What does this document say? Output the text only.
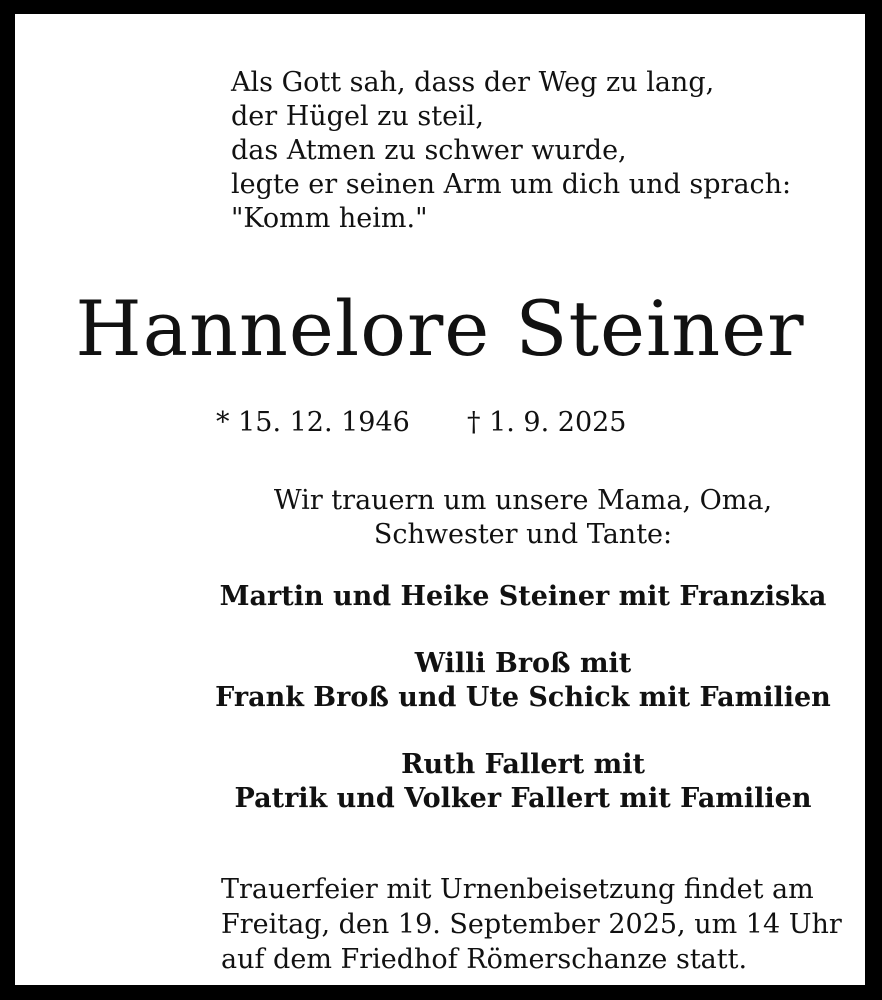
Als Gott sah, dass der Weg zu lang,
der Hügel zu steil,
das Atmen zu schwer wurde,
legte er seinen Arm um dich und sprach:
"Komm heim."
Hannelore Steiner
* 15. 12. 1946 † 1. 9. 2025
Wir trauern um unsere Mama, Oma,
Schwester und Tante:
Martin und Heike Steiner mit Franziska
Willi Broß mit
Frank Broß und Ute Schick mit Familien
Ruth Fallert mit
Patrik und Volker Fallert mit Familien
Trauerfeier mit Urnenbeisetzung findet am
Freitag, den 19. September 2025, um 14 Uhr
auf dem Friedhof Römerschanze statt.
